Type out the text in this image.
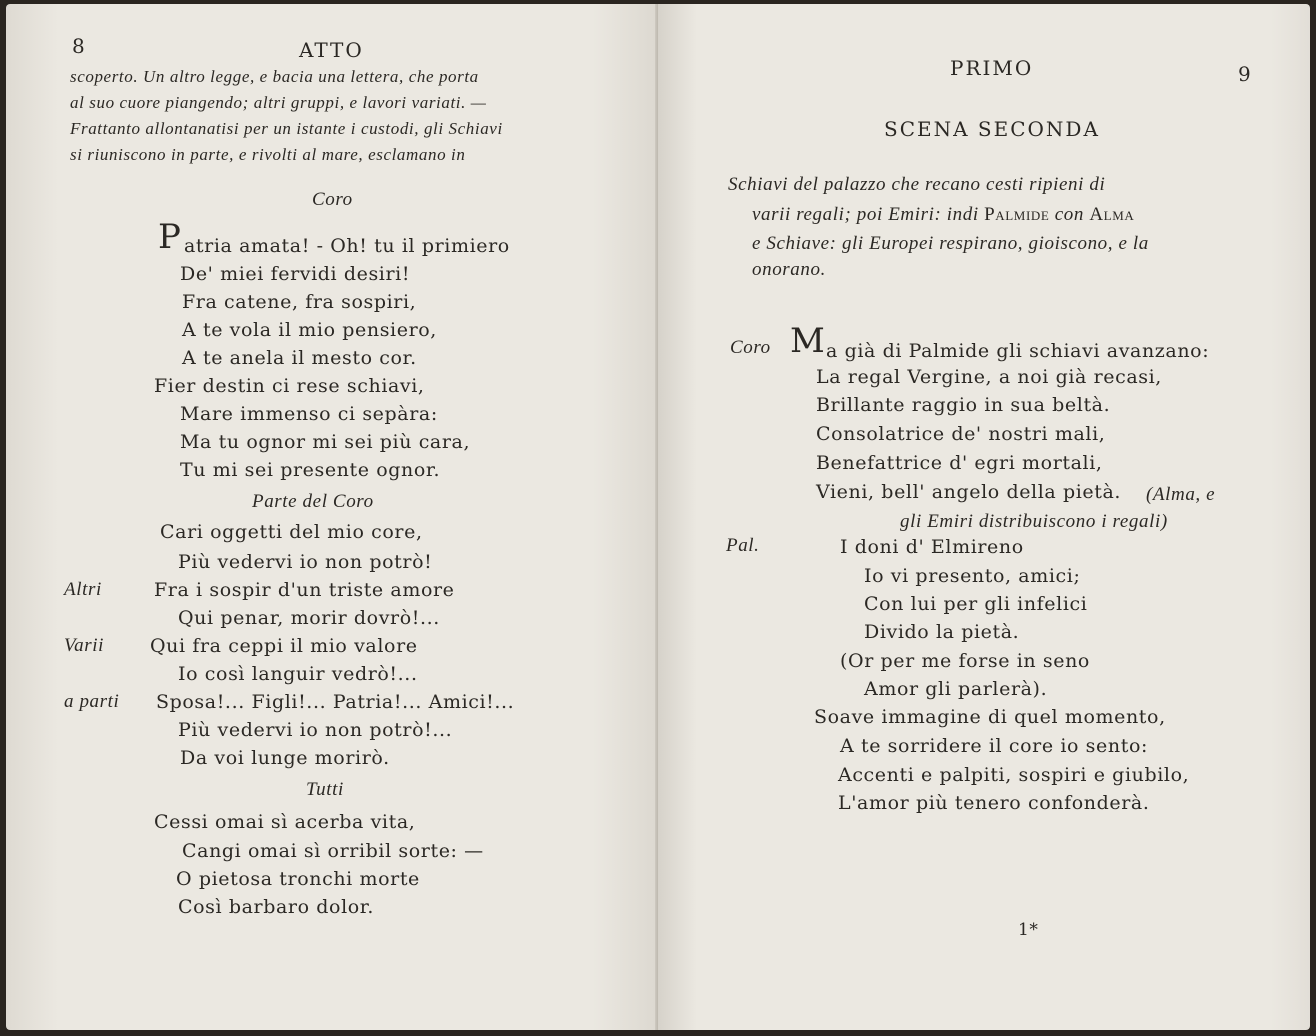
8	ATTO
scoperto. Un altro legge, e bacia una lettera, che porta
al suo cuore piangendo; altri gruppi, e lavori variati. —
Frattanto allontanatisi per un istante i custodi, gli Schiavi
si riuniscono in parte, e rivolti al mare, esclamano in
Coro
P atria amata! - Oh! tu il primiero
De' miei fervidi desiri!
Fra catene, fra sospiri,
A te vola il mio pensiero,
A te anela il mesto cor.
Fier destin ci rese schiavi,
Mare immenso ci sepàra:
Ma tu ognor mi sei più cara,
Tu mi sei presente ognor.
Parte del Coro
Cari oggetti del mio core,
Più vedervi io non potrò!
Altri	Fra i sospir d'un triste amore
Qui penar, morir dovrò!...
Varii Qui fra ceppi il mio valore
Io così languir vedrò!...
a parti Sposa!... Figli!... Patria!... Amici!...
Più vedervi io non potrò!...
Da voi lunge morirò.
Tutti
Cessi omai sì acerba vita,
Cangi omai sì orribil sorte: —
O pietosa tronchi morte
Così barbaro dolor.
PRIMO	9
SCENA SECONDA
Schiavi del palazzo che recano cesti ripieni di
varii regali; poi Emiri: indi Palmide con Alma
e Schiave: gli Europei respirano, gioiscono, e la
onorano.
Coro M a già di Palmide gli schiavi avanzano:
La regal Vergine, a noi già recasi,
Brillante raggio in sua beltà.
Consolatrice de' nostri mali,
Benefattrice d' egri mortali,
Vieni, bell' angelo della pietà. (Alma, e
gli Emiri distribuiscono i regali)
Pal.	I doni d' Elmireno
Io vi presento, amici;
Con lui per gli infelici
Divido la pietà.
(Or per me forse in seno
Amor gli parlerà).
Soave immagine di quel momento,
A te sorridere il core io sento:
Accenti e palpiti, sospiri e giubilo,
L'amor più tenero confonderà.
1*
